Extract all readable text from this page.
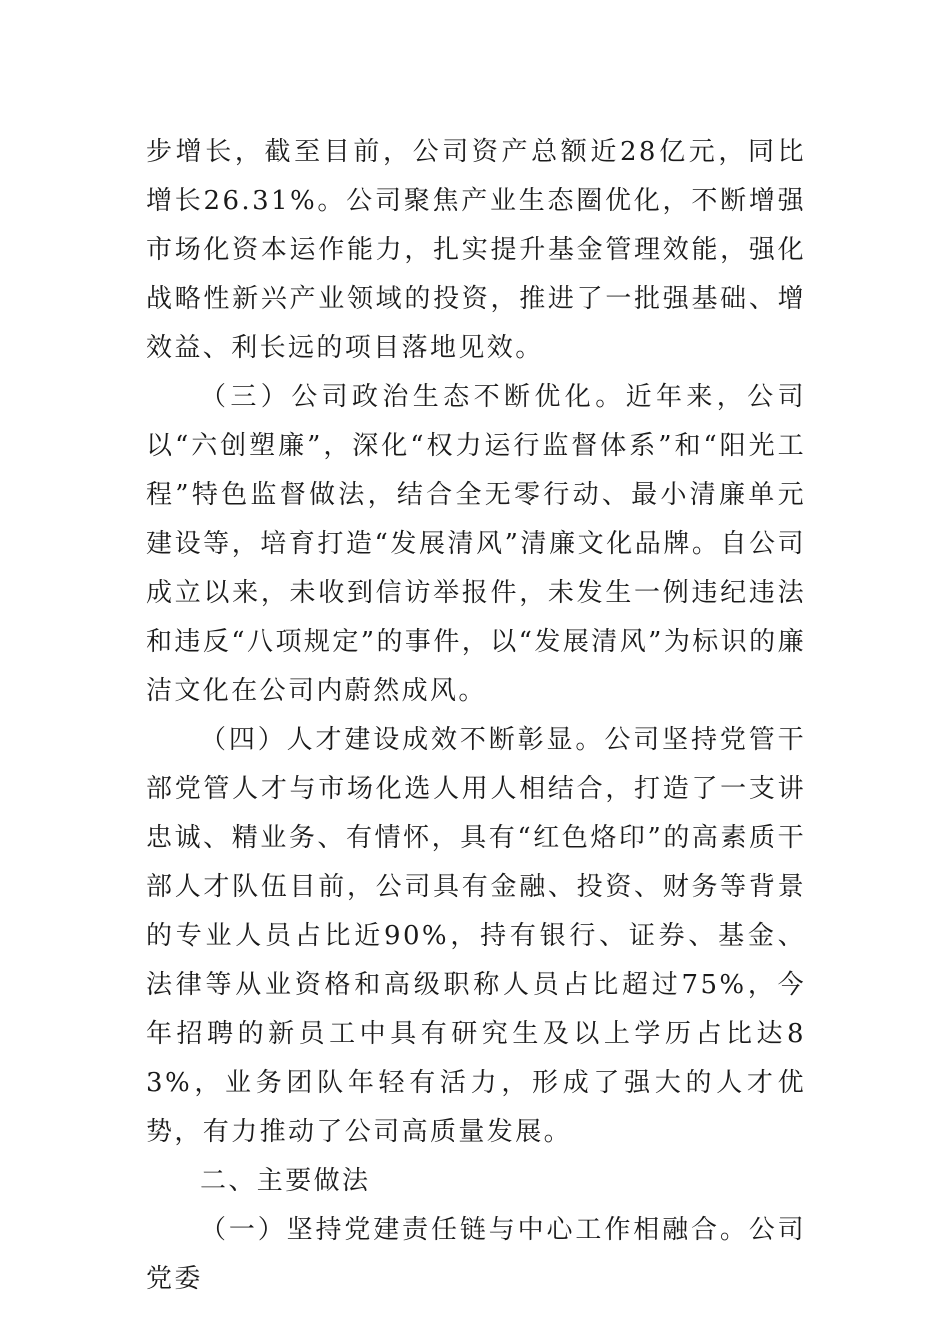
步增长，截至目前，公司资产总额近28亿元，同比增长26.31%。公司聚焦产业生态圈优化，不断增强市场化资本运作能力，扎实提升基金管理效能，强化战略性新兴产业领域的投资，推进了一批强基础、增效益、利长远的项目落地见效。

（三）公司政治生态不断优化。近年来，公司以“六创塑廉”，深化“权力运行监督体系”和“阳光工程”特色监督做法，结合全无零行动、最小清廉单元建设等，培育打造“发展清风”清廉文化品牌。自公司成立以来，未收到信访举报件，未发生一例违纪违法和违反“八项规定”的事件，以“发展清风”为标识的廉洁文化在公司内蔚然成风。

（四）人才建设成效不断彰显。公司坚持党管干部党管人才与市场化选人用人相结合，打造了一支讲忠诚、精业务、有情怀，具有“红色烙印”的高素质干部人才队伍目前，公司具有金融、投资、财务等背景的专业人员占比近90%，持有银行、证券、基金、法律等从业资格和高级职称人员占比超过75%，今年招聘的新员工中具有研究生及以上学历占比达83%，业务团队年轻有活力，形成了强大的人才优势，有力推动了公司高质量发展。

二、主要做法

（一）坚持党建责任链与中心工作相融合。公司党委
